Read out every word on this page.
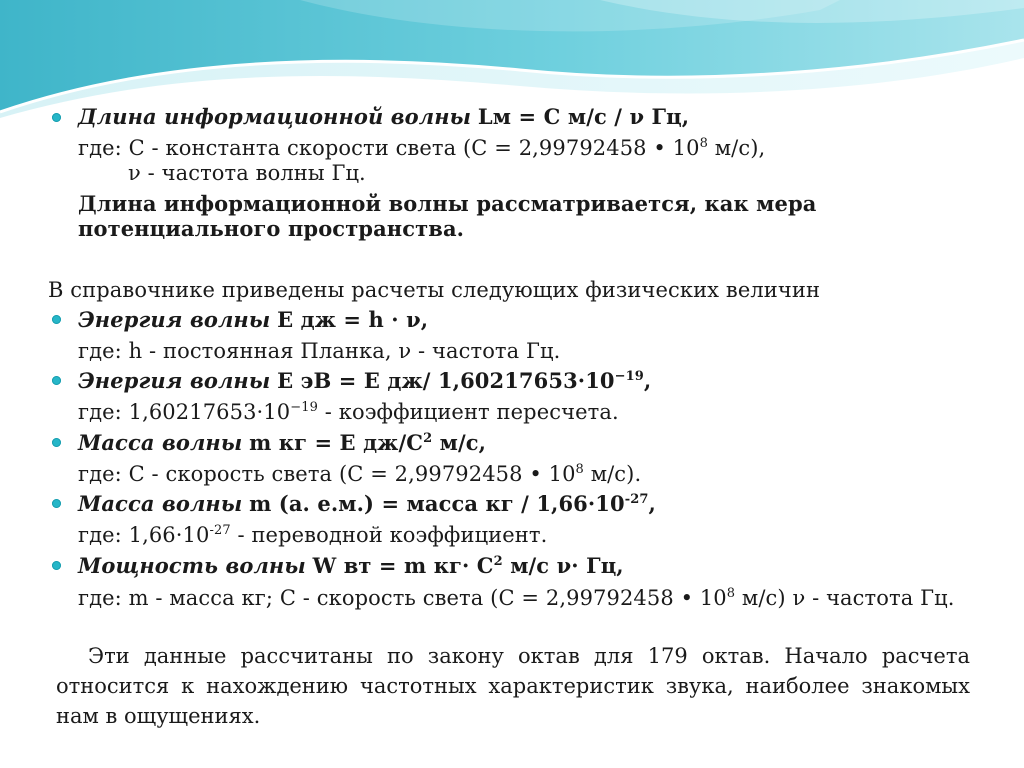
Длина информационной волны Lм = С м/с / ν Гц,
где: С - константа скорости света (С = 2,99792458 • $10^8$ м/с),
ν - частота волны Гц.
Длина информационной волны рассматривается, как мера
потенциального пространства.
В справочнике приведены расчеты следующих физических величин
Энергия волны Е дж = h · ν,
где: h - постоянная Планка, ν - частота Гц.
Энергия волны Е эВ = Е дж/ $1,60217653\cdot 10^{-19}$,
где: $1,60217653\cdot 10^{-19}$ - коэффициент пересчета.
Масса волны m кг = Е $дж/С^2$ м/с,
где: С - скорость света (С = 2,99792458 • $10^8$ м/с).
Масса волны m (а. е.м.) = масса кг / $1,66\cdot 10^{-27}$,
где: $1,66\cdot 10^{-27}$ - переводной коэффициент.
Мощность волны W вт = m $кг\cdot С^2$ м/с ν· Гц,
где: m - масса кг; С - скорость света (С = 2,99792458 • $10^8$ м/с) ν - частота Гц.
Эти данные рассчитаны по закону октав для 179 октав. Начало расчета
относится к нахождению частотных характеристик звука, наиболее знакомых
нам в ощущениях.
